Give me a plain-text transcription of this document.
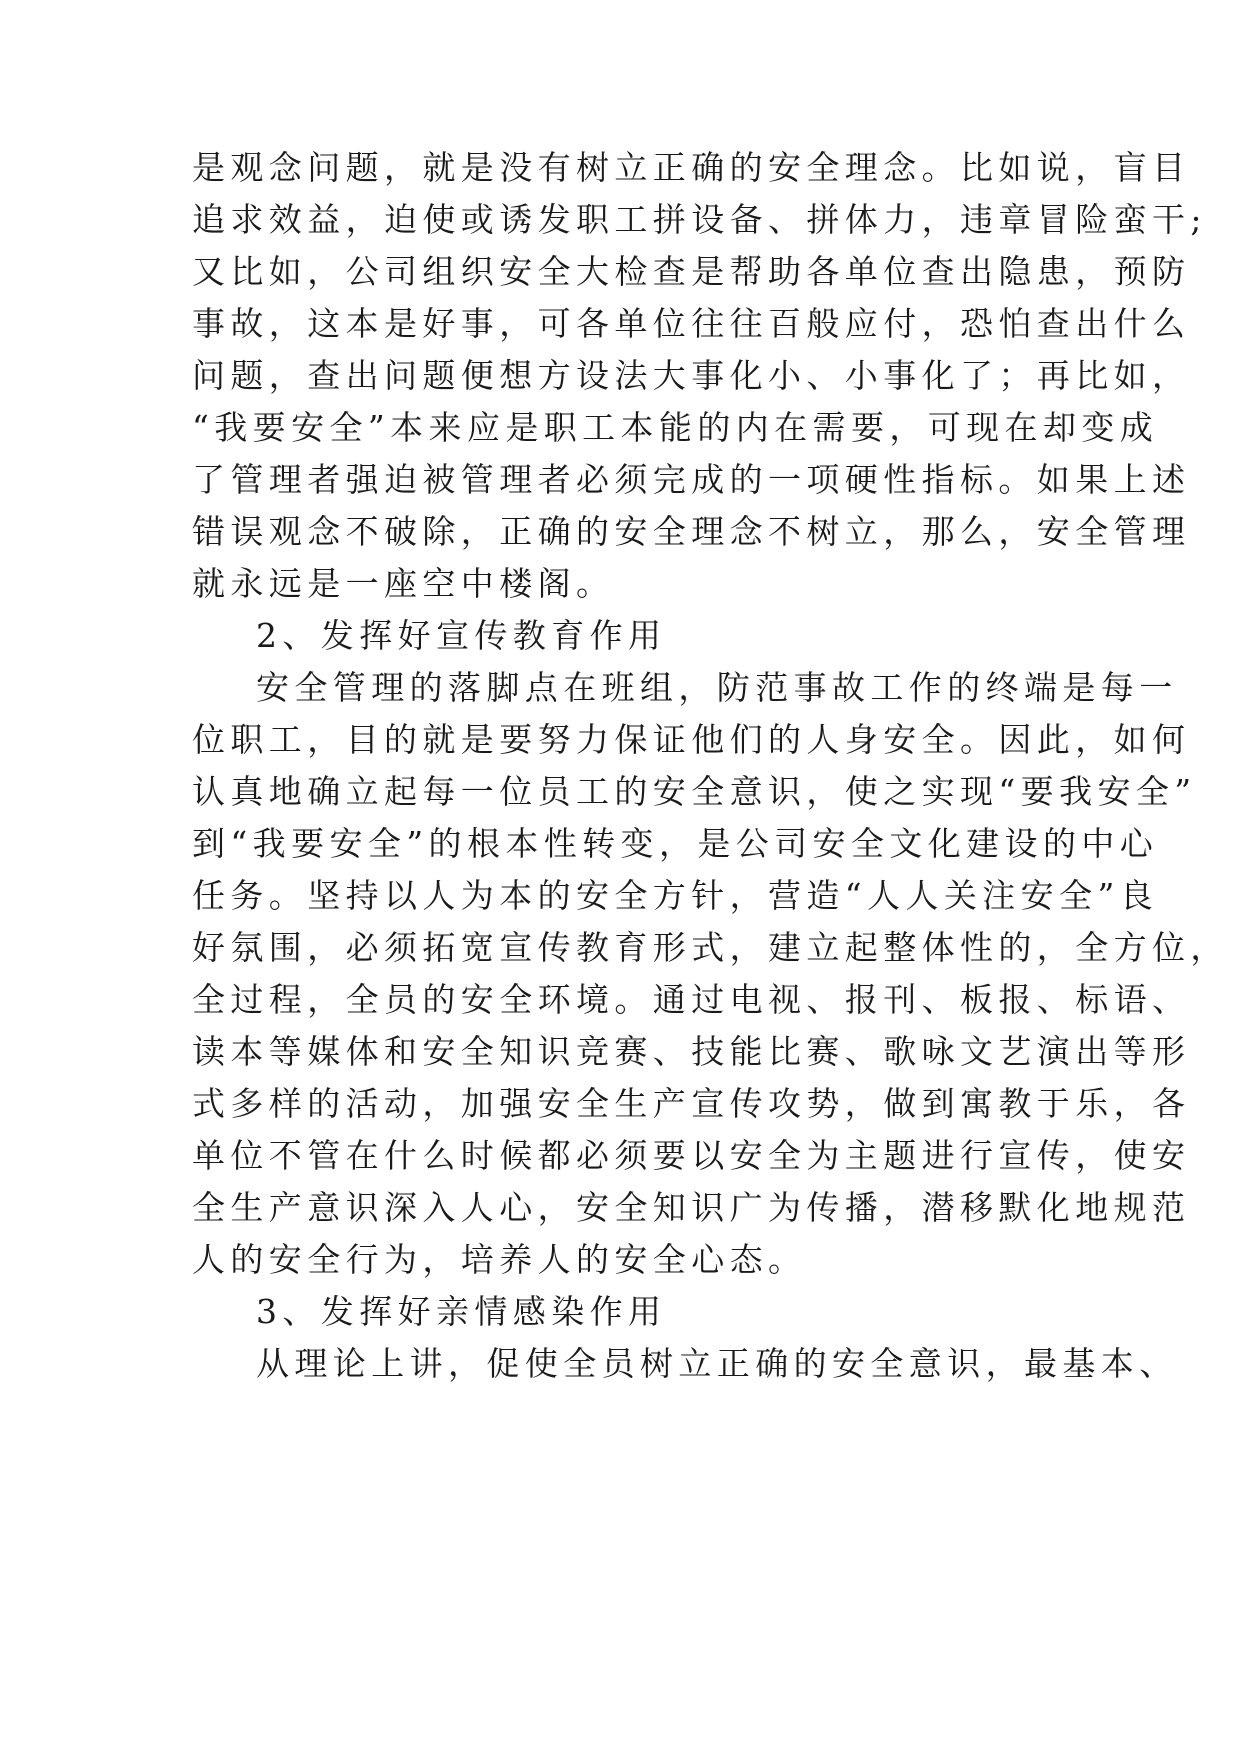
是观念问题，就是没有树立正确的安全理念。比如说，盲目
追求效益，迫使或诱发职工拼设备、拼体力，违章冒险蛮干;
又比如，公司组织安全大检查是帮助各单位查出隐患，预防
事故，这本是好事，可各单位往往百般应付，恐怕查出什么
问题，查出问题便想方设法大事化小、小事化了；再比如，
“我要安全”本来应是职工本能的内在需要，可现在却变成
了管理者强迫被管理者必须完成的一项硬性指标。如果上述
错误观念不破除，正确的安全理念不树立，那么，安全管理
就永远是一座空中楼阁。
2、发挥好宣传教育作用
安全管理的落脚点在班组，防范事故工作的终端是每一
位职工，目的就是要努力保证他们的人身安全。因此，如何
认真地确立起每一位员工的安全意识，使之实现“要我安全”
到“我要安全”的根本性转变，是公司安全文化建设的中心
任务。坚持以人为本的安全方针，营造“人人关注安全”良
好氛围，必须拓宽宣传教育形式，建立起整体性的，全方位，
全过程，全员的安全环境。通过电视、报刊、板报、标语、
读本等媒体和安全知识竞赛、技能比赛、歌咏文艺演出等形
式多样的活动，加强安全生产宣传攻势，做到寓教于乐，各
单位不管在什么时候都必须要以安全为主题进行宣传，使安
全生产意识深入人心，安全知识广为传播，潜移默化地规范
人的安全行为，培养人的安全心态。
3、发挥好亲情感染作用
从理论上讲，促使全员树立正确的安全意识，最基本、
